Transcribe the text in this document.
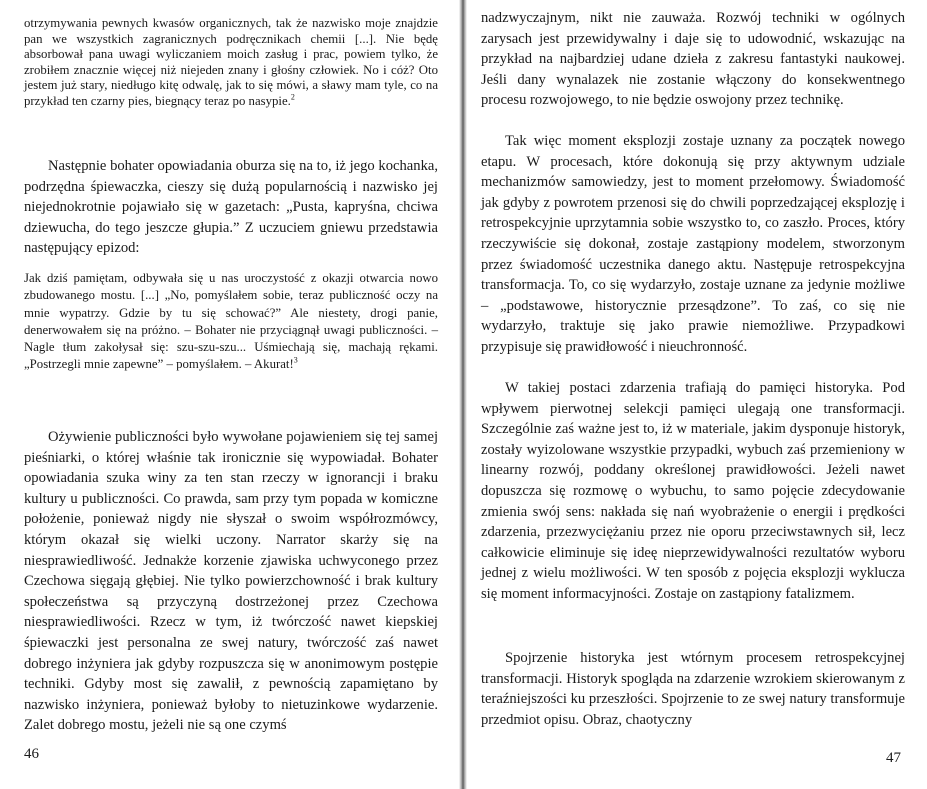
otrzymywania pewnych kwasów organicznych, tak że nazwisko moje znajdzie pan we wszystkich zagranicznych podręcznikach chemii [...]. Nie będę absorbował pana uwagi wyliczaniem moich zasług i prac, powiem tylko, że zrobiłem znacznie więcej niż niejeden znany i głośny człowiek. No i cóż? Oto jestem już stary, niedługo kitę odwalę, jak to się mówi, a sławy mam tyle, co na przykład ten czarny pies, biegnący teraz po nasypie.$^2$

Następnie bohater opowiadania oburza się na to, iż jego kochanka, podrzędna śpiewaczka, cieszy się dużą popularnością i nazwisko jej niejednokrotnie pojawiało się w gazetach: „Pusta, kapryśna, chciwa dziewucha, do tego jeszcze głupia.” Z uczuciem gniewu przedstawia następujący epizod:

Jak dziś pamiętam, odbywała się u nas uroczystość z okazji otwarcia nowo zbudowanego mostu. [...] „No, pomyślałem sobie, teraz publiczność oczy na mnie wypatrzy. Gdzie by tu się schować?” Ale niestety, drogi panie, denerwowałem się na próżno. – Bohater nie przyciągnął uwagi publiczności. – Nagle tłum zakołysał się: szu-szu-szu... Uśmiechają się, machają rękami. „Postrzegli mnie zapewne” – pomyślałem. – Akurat!$^3$

Ożywienie publiczności było wywołane pojawieniem się tej samej pieśniarki, o której właśnie tak ironicznie się wypowiadał. Bohater opowiadania szuka winy za ten stan rzeczy w ignorancji i braku kultury u publiczności. Co prawda, sam przy tym popada w komiczne położenie, ponieważ nigdy nie słyszał o swoim współrozmówcy, którym okazał się wielki uczony. Narrator skarży się na niesprawiedliwość. Jednakże korzenie zjawiska uchwyconego przez Czechowa sięgają głębiej. Nie tylko powierzchowność i brak kultury społeczeństwa są przyczyną dostrzeżonej przez Czechowa niesprawiedliwości. Rzecz w tym, iż twórczość nawet kiepskiej śpiewaczki jest personalna ze swej natury, twórczość zaś nawet dobrego inżyniera jak gdyby rozpuszcza się w anonimowym postępie techniki. Gdyby most się zawalił, z pewnością zapamiętano by nazwisko inżyniera, ponieważ byłoby to nietuzinkowe wydarzenie. Zalet dobrego mostu, jeżeli nie są one czymś

46

nadzwyczajnym, nikt nie zauważa. Rozwój techniki w ogólnych zarysach jest przewidywalny i daje się to udowodnić, wskazując na przykład na najbardziej udane dzieła z zakresu fantastyki naukowej. Jeśli dany wynalazek nie zostanie włączony do konsekwentnego procesu rozwojowego, to nie będzie oswojony przez technikę.

Tak więc moment eksplozji zostaje uznany za początek nowego etapu. W procesach, które dokonują się przy aktywnym udziale mechanizmów samowiedzy, jest to moment przełomowy. Świadomość jak gdyby z powrotem przenosi się do chwili poprzedzającej eksplozję i retrospekcyjnie uprzytamnia sobie wszystko to, co zaszło. Proces, który rzeczywiście się dokonał, zostaje zastąpiony modelem, stworzonym przez świadomość uczestnika danego aktu. Następuje retrospekcyjna transformacja. To, co się wydarzyło, zostaje uznane za jedynie możliwe – „podstawowe, historycznie przesądzone”. To zaś, co się nie wydarzyło, traktuje się jako prawie niemożliwe. Przypadkowi przypisuje się prawidłowość i nieuchronność.

W takiej postaci zdarzenia trafiają do pamięci historyka. Pod wpływem pierwotnej selekcji pamięci ulegają one transformacji. Szczególnie zaś ważne jest to, iż w materiale, jakim dysponuje historyk, zostały wyizolowane wszystkie przypadki, wybuch zaś przemieniony w linearny rozwój, poddany określonej prawidłowości. Jeżeli nawet dopuszcza się rozmowę o wybuchu, to samo pojęcie zdecydowanie zmienia swój sens: nakłada się nań wyobrażenie o energii i prędkości zdarzenia, przezwyciężaniu przez nie oporu przeciwstawnych sił, lecz całkowicie eliminuje się ideę nieprzewidywalności rezultatów wyboru jednej z wielu możliwości. W ten sposób z pojęcia eksplozji wyklucza się moment informacyjności. Zostaje on zastąpiony fatalizmem.

Spojrzenie historyka jest wtórnym procesem retrospekcyjnej transformacji. Historyk spogląda na zdarzenie wzrokiem skierowanym z teraźniejszości ku przeszłości. Spojrzenie to ze swej natury transformuje przedmiot opisu. Obraz, chaotyczny

47
